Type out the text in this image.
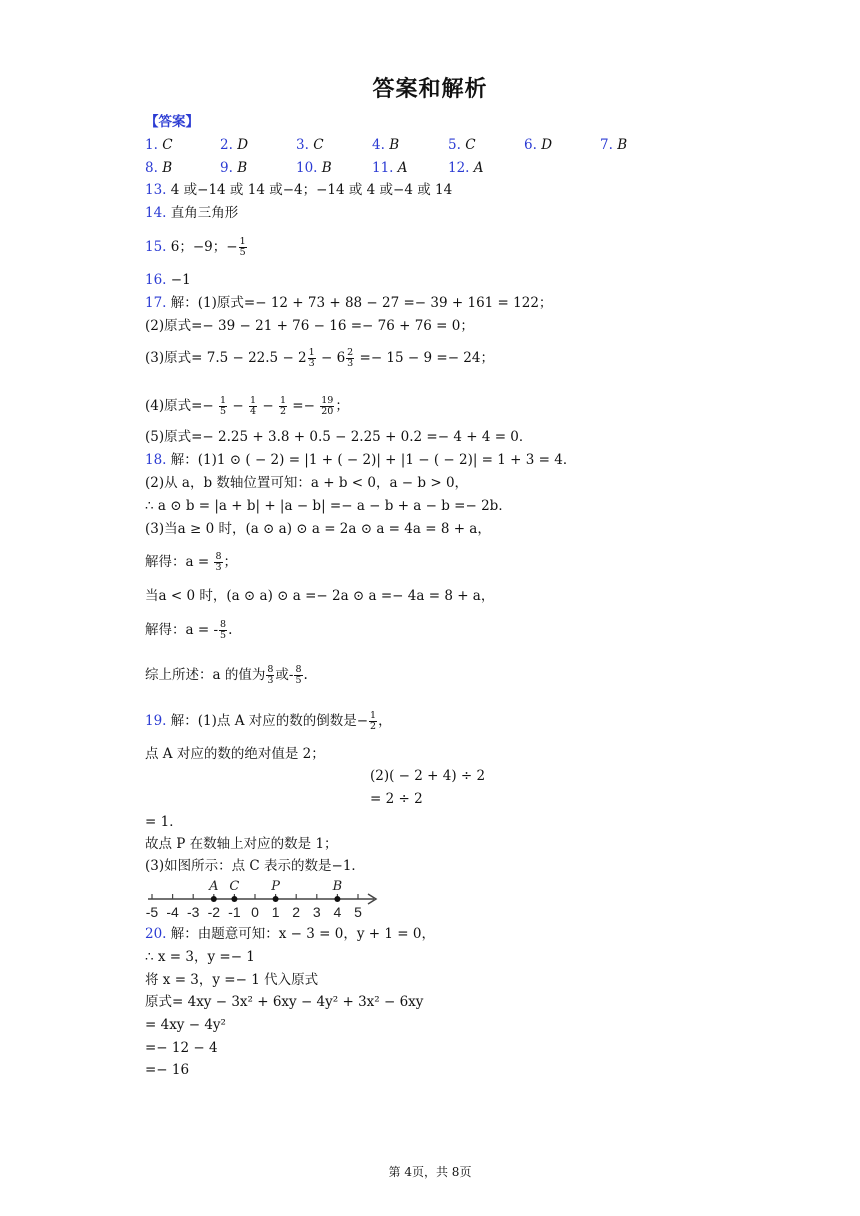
答案和解析
【答案】
1. C	2. D	3. C	4. B	5. C	6. D	7. B
8. B	9. B	10. B	11. A	12. A
13. 4 或−14 或 14 或−4；−14 或 4 或−4 或 14
14. 直角三角形
15. 6；−9；− $\frac{1}{5}$
16. −1
17. 解：(1)原式=− 12 + 73 + 88 − 27 =− 39 + 161 = 122；
(2)原式=− 39 − 21 + 76 − 16 =− 76 + 76 = 0；
(3)原式= $7.5 - 22.5 - 2 \frac{1}{3} - 6 \frac{2}{3} =- 15 - 9 =- 24$；
(4)原式=− $\frac{1}{5} - \frac{1}{4} - \frac{1}{2} =- \frac{19}{20}$ ；
(5)原式=− 2.25 + 3.8 + 0.5 − 2.25 + 0.2 =− 4 + 4 = 0．
18. 解：(1)1 ⊙ ( − 2) = |1 + ( − 2)| + |1 − ( − 2)| = 1 + 3 = 4．
(2)从 a，b 数轴位置可知：a + b < 0，a − b > 0，
∴ a ⊙ b = |a + b| + |a − b| =− a − b + a − b =− 2b．
(3)当a ≥ 0 时，(a ⊙ a) ⊙ a = 2a ⊙ a = 4a = 8 + a，
解得：$a = \frac{8}{3}$ ；
当a < 0 时，(a ⊙ a) ⊙ a =− 2a ⊙ a =− 4a = 8 + a，
解得：a = - $\frac{8}{5}$ .
综上所述：a 的值为 $\frac{8}{3}$ 或- $\frac{8}{5}$ .
19. 解：(1)点 A 对应的数的倒数是− $\frac{1}{2}$ ，
点 A 对应的数的绝对值是 2；
(2)( − 2 + 4) ÷ 2
= 2 ÷ 2
= 1．
故点 P 在数轴上对应的数是 1；
(3)如图所示：点 C 表示的数是−1．
-5 -4 -3 -2 -1 0 1 2 3 4 5
A C P	B
20. 解：由题意可知：x − 3 = 0，y + 1 = 0，
∴ x = 3，y =− 1
将 x = 3，y =− 1 代入原式
原式= 4xy − 3x² + 6xy − 4y² + 3x² − 6xy
= 4xy − 4y²
=− 12 − 4
=− 16
第 4页，共 8页
